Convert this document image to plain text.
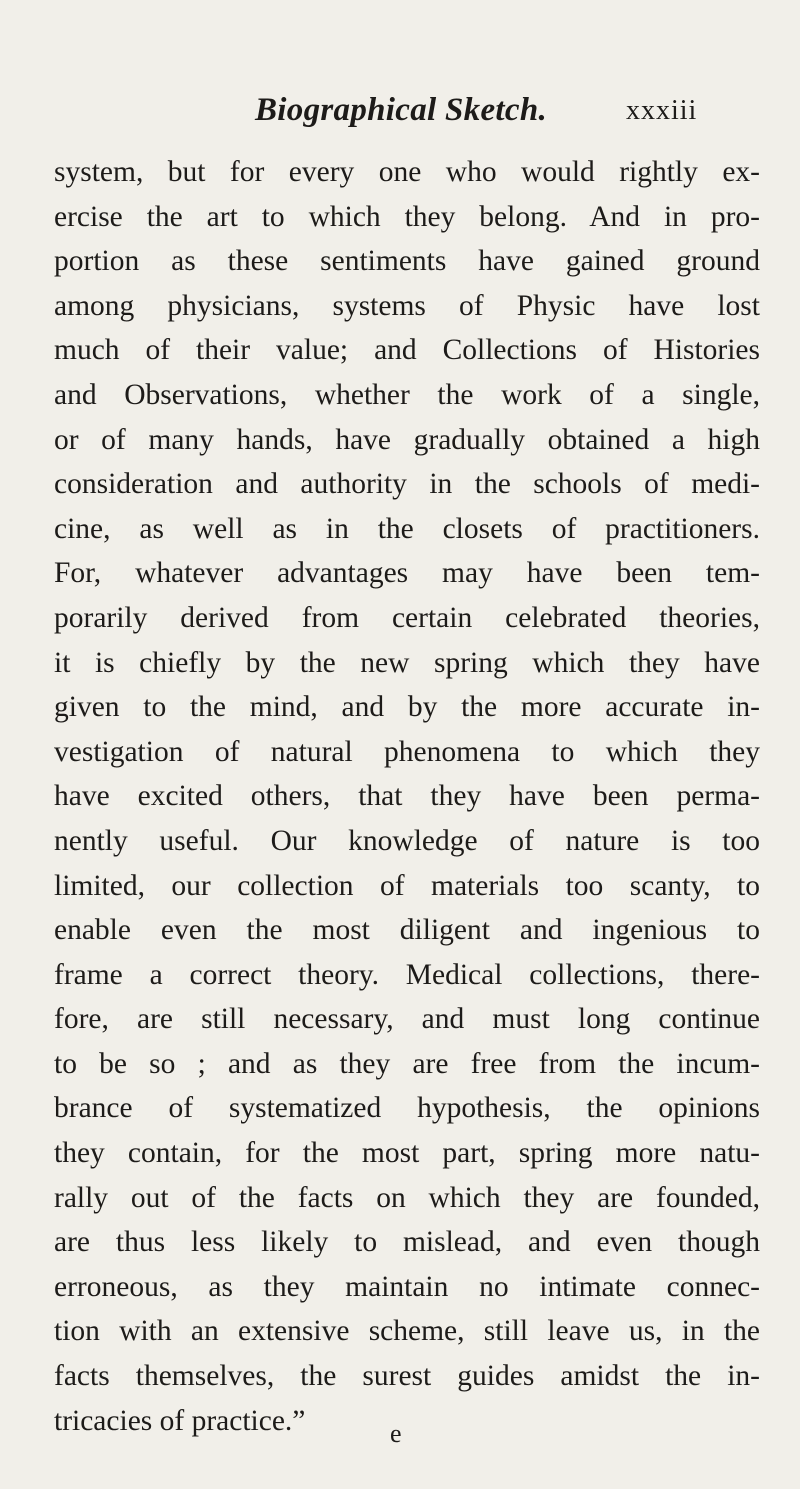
Biographical Sketch.	xxxiii
system, but for every one who would rightly ex-
ercise the art to which they belong. And in pro-
portion as these sentiments have gained ground
among physicians, systems of Physic have lost
much of their value; and Collections of Histories
and Observations, whether the work of a single,
or of many hands, have gradually obtained a high
consideration and authority in the schools of medi-
cine, as well as in the closets of practitioners.
For, whatever advantages may have been tem-
porarily derived from certain celebrated theories,
it is chiefly by the new spring which they have
given to the mind, and by the more accurate in-
vestigation of natural phenomena to which they
have excited others, that they have been perma-
nently useful. Our knowledge of nature is too
limited, our collection of materials too scanty, to
enable even the most diligent and ingenious to
frame a correct theory. Medical collections, there-
fore, are still necessary, and must long continue
to be so ; and as they are free from the incum-
brance of systematized hypothesis, the opinions
they contain, for the most part, spring more natu-
rally out of the facts on which they are founded,
are thus less likely to mislead, and even though
erroneous, as they maintain no intimate connec-
tion with an extensive scheme, still leave us, in the
facts themselves, the surest guides amidst the in-
tricacies of practice.”	e
